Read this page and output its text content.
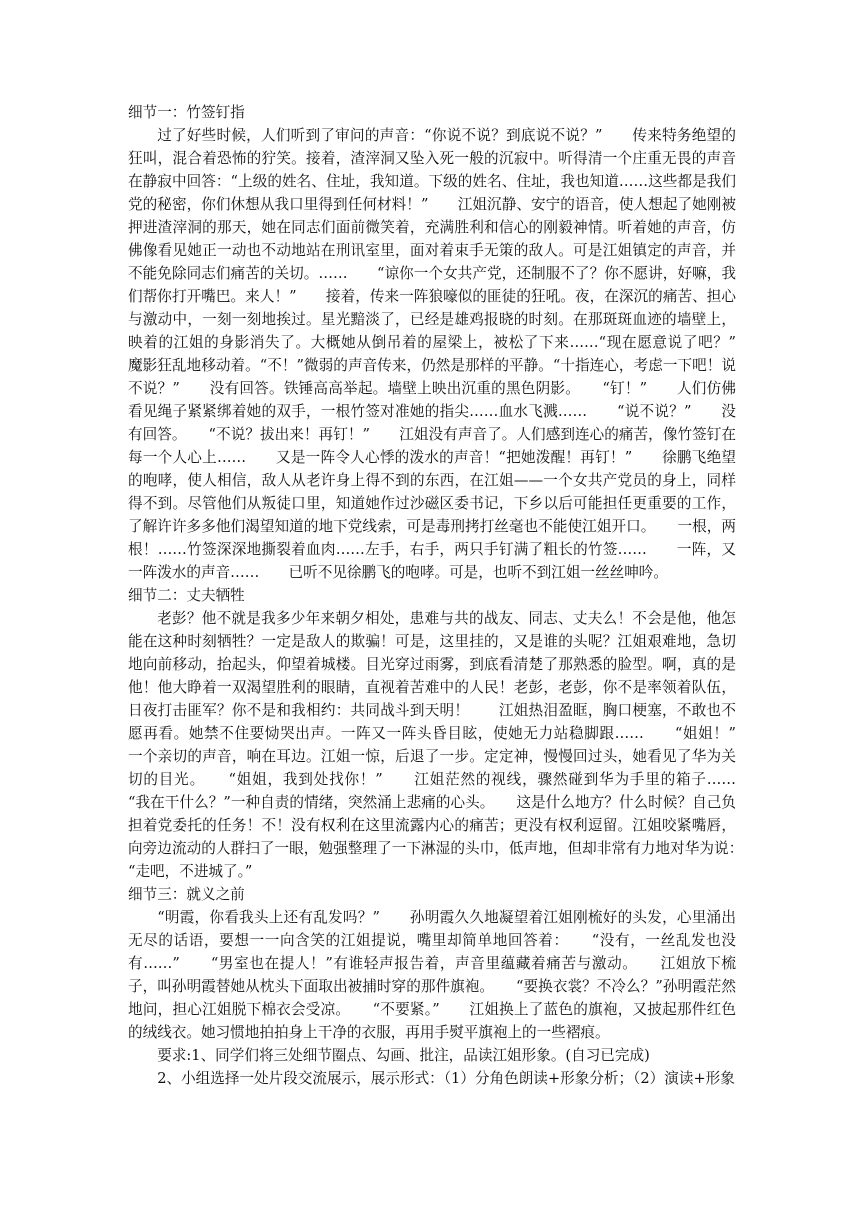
细节一：竹签钉指

过了好些时候，人们听到了审问的声音：“你说不说？到底说不说？”　　传来特务绝望的狂叫，混合着恐怖的狞笑。接着，渣滓洞又坠入死一般的沉寂中。听得清一个庄重无畏的声音在静寂中回答：“上级的姓名、住址，我知道。下级的姓名、住址，我也知道……这些都是我们党的秘密，你们休想从我口里得到任何材料！”　　江姐沉静、安宁的语音，使人想起了她刚被押进渣滓洞的那天，她在同志们面前微笑着，充满胜利和信心的刚毅神情。听着她的声音，仿佛像看见她正一动也不动地站在刑讯室里，面对着束手无策的敌人。可是江姐镇定的声音，并不能免除同志们痛苦的关切。……　　“谅你一个女共产党，还制服不了？你不愿讲，好嘛，我们帮你打开嘴巴。来人！”　　接着，传来一阵狼嚎似的匪徒的狂吼。夜，在深沉的痛苦、担心与激动中，一刻一刻地挨过。星光黯淡了，已经是雄鸡报晓的时刻。在那斑斑血迹的墙壁上，映着的江姐的身影消失了。大概她从倒吊着的屋梁上，被松了下来……“现在愿意说了吧？”　　魔影狂乱地移动着。“不！”微弱的声音传来，仍然是那样的平静。“十指连心，考虑一下吧！说不说？”　　没有回答。铁锤高高举起。墙壁上映出沉重的黑色阴影。　　“钉！”　　人们仿佛看见绳子紧紧绑着她的双手，一根竹签对准她的指尖……血水飞溅……　　“说不说？”　　没有回答。　　“不说？拔出来！再钉！”　　江姐没有声音了。人们感到连心的痛苦，像竹签钉在每一个人心上……　　又是一阵令人心悸的泼水的声音！“把她泼醒！再钉！”　　徐鹏飞绝望的咆哮，使人相信，敌人从老许身上得不到的东西，在江姐——一个女共产党员的身上，同样得不到。尽管他们从叛徒口里，知道她作过沙磁区委书记，下乡以后可能担任更重要的工作，了解许许多多他们渴望知道的地下党线索，可是毒刑拷打丝毫也不能使江姐开口。　　一根，两根！……竹签深深地撕裂着血肉……左手，右手，两只手钉满了粗长的竹签……　　一阵，又一阵泼水的声音……　　已听不见徐鹏飞的咆哮。可是，也听不到江姐一丝丝呻吟。

细节二：丈夫牺牲

老彭？他不就是我多少年来朝夕相处，患难与共的战友、同志、丈夫么！不会是他，他怎能在这种时刻牺牲？一定是敌人的欺骗！可是，这里挂的，又是谁的头呢？江姐艰难地，急切地向前移动，抬起头，仰望着城楼。目光穿过雨雾，到底看清楚了那熟悉的脸型。啊，真的是他！他大睁着一双渴望胜利的眼睛，直视着苦难中的人民！老彭，老彭，你不是率领着队伍，日夜打击匪军？你不是和我相约：共同战斗到天明！　　江姐热泪盈眶，胸口梗塞，不敢也不愿再看。她禁不住要恸哭出声。一阵又一阵头昏目眩，使她无力站稳脚跟……　　“姐姐！”　　一个亲切的声音，响在耳边。江姐一惊，后退了一步。定定神，慢慢回过头，她看见了华为关切的目光。　　“姐姐，我到处找你！”　　江姐茫然的视线，骤然碰到华为手里的箱子……　　“我在干什么？”一种自责的情绪，突然涌上悲痛的心头。　　这是什么地方？什么时候？自己负担着党委托的任务！不！没有权利在这里流露内心的痛苦；更没有权利逗留。江姐咬紧嘴唇，向旁边流动的人群扫了一眼，勉强整理了一下淋湿的头巾，低声地，但却非常有力地对华为说：　　“走吧，不进城了。”

细节三：就义之前

“明霞，你看我头上还有乱发吗？”　　孙明霞久久地凝望着江姐刚梳好的头发，心里涌出无尽的话语，要想一一向含笑的江姐提说，嘴里却简单地回答着：　　“没有，一丝乱发也没有……”　　“男室也在提人！”有谁轻声报告着，声音里蕴藏着痛苦与激动。　　江姐放下梳子，叫孙明霞替她从枕头下面取出被捕时穿的那件旗袍。　　“要换衣裳？不冷么？”孙明霞茫然地问，担心江姐脱下棉衣会受凉。　　“不要紧。”　　江姐换上了蓝色的旗袍，又披起那件红色的绒线衣。她习惯地拍拍身上干净的衣服，再用手熨平旗袍上的一些褶痕。

要求:1、同学们将三处细节圈点、勾画、批注，品读江姐形象。(自习已完成)

2、小组选择一处片段交流展示，展示形式：（1）分角色朗读+形象分析；（2）演读+形象
